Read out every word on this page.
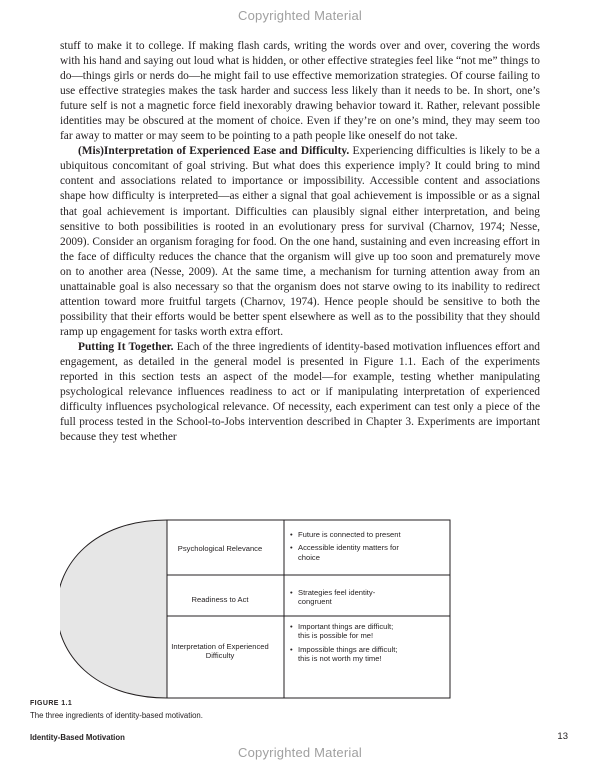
Copyrighted Material

stuff to make it to college. If making flash cards, writing the words over and over, covering the words with his hand and saying out loud what is hidden, or other effective strategies feel like “not me” things to do—things girls or nerds do—he might fail to use effective memorization strategies. Of course failing to use effective strategies makes the task harder and success less likely than it needs to be. In short, one’s future self is not a magnetic force field inexorably drawing behavior toward it. Rather, relevant possible identities may be obscured at the moment of choice. Even if they’re on one’s mind, they may seem too far away to matter or may seem to be pointing to a path people like oneself do not take.

(Mis)Interpretation of Experienced Ease and Difficulty. Experiencing difficulties is likely to be a ubiquitous concomitant of goal striving. But what does this experience imply? It could bring to mind content and associations related to importance or impossibility. Accessible content and associations shape how difficulty is interpreted—as either a signal that goal achievement is impossible or as a signal that goal achievement is important. Difficulties can plausibly signal either interpretation, and being sensitive to both possibilities is rooted in an evolutionary press for survival (Charnov, 1974; Nesse, 2009). Consider an organism foraging for food. On the one hand, sustaining and even increasing effort in the face of difficulty reduces the chance that the organism will give up too soon and prematurely move on to another area (Nesse, 2009). At the same time, a mechanism for turning attention away from an unattainable goal is also necessary so that the organism does not starve owing to its inability to redirect attention toward more fruitful targets (Charnov, 1974). Hence people should be sensitive to both the possibility that their efforts would be better spent elsewhere as well as to the possibility that they should ramp up engagement for tasks worth extra effort.

Putting It Together. Each of the three ingredients of identity-based motivation influences effort and engagement, as detailed in the general model is presented in Figure 1.1. Each of the experiments reported in this section tests an aspect of the model—for example, testing whether manipulating psychological relevance influences readiness to act or if manipulating interpretation of experienced difficulty influences psychological relevance. Of necessity, each experiment can test only a piece of the full process tested in the School-to-Jobs intervention described in Chapter 3. Experiments are important because they test whether

Psychological Relevance
• Future is connected to present
• Accessible identity matters for choice
Readiness to Act
• Strategies feel identity-congruent
Interpretation of Experienced Difficulty
• Important things are difficult; this is possible for me!
• Impossible things are difficult; this is not worth my time!
FIGURE 1.1
The three ingredients of identity-based motivation.
Identity-Based Motivation	13
Copyrighted Material
